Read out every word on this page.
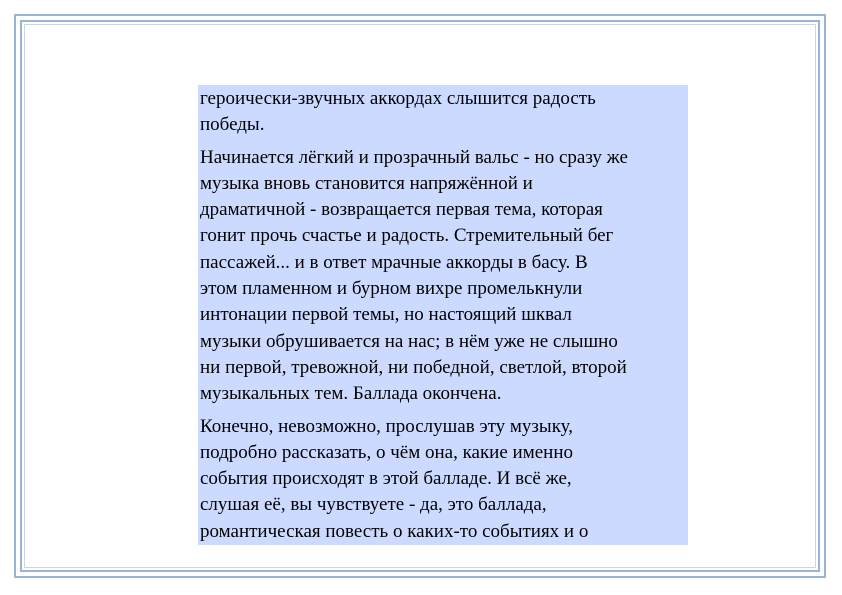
героически-звучных аккордах слышится радость
победы.

Начинается лёгкий и прозрачный вальс - но сразу же
музыка вновь становится напряжённой и
драматичной - возвращается первая тема, которая
гонит прочь счастье и радость. Стремительный бег
пассажей... и в ответ мрачные аккорды в басу. В
этом пламенном и бурном вихре промелькнули
интонации первой темы, но настоящий шквал
музыки обрушивается на нас; в нём уже не слышно
ни первой, тревожной, ни победной, светлой, второй
музыкальных тем. Баллада окончена.

Конечно, невозможно, прослушав эту музыку,
подробно рассказать, о чём она, какие именно
события происходят в этой балладе. И всё же,
слушая её, вы чувствуете - да, это баллада,
романтическая повесть о каких-то событиях и о
